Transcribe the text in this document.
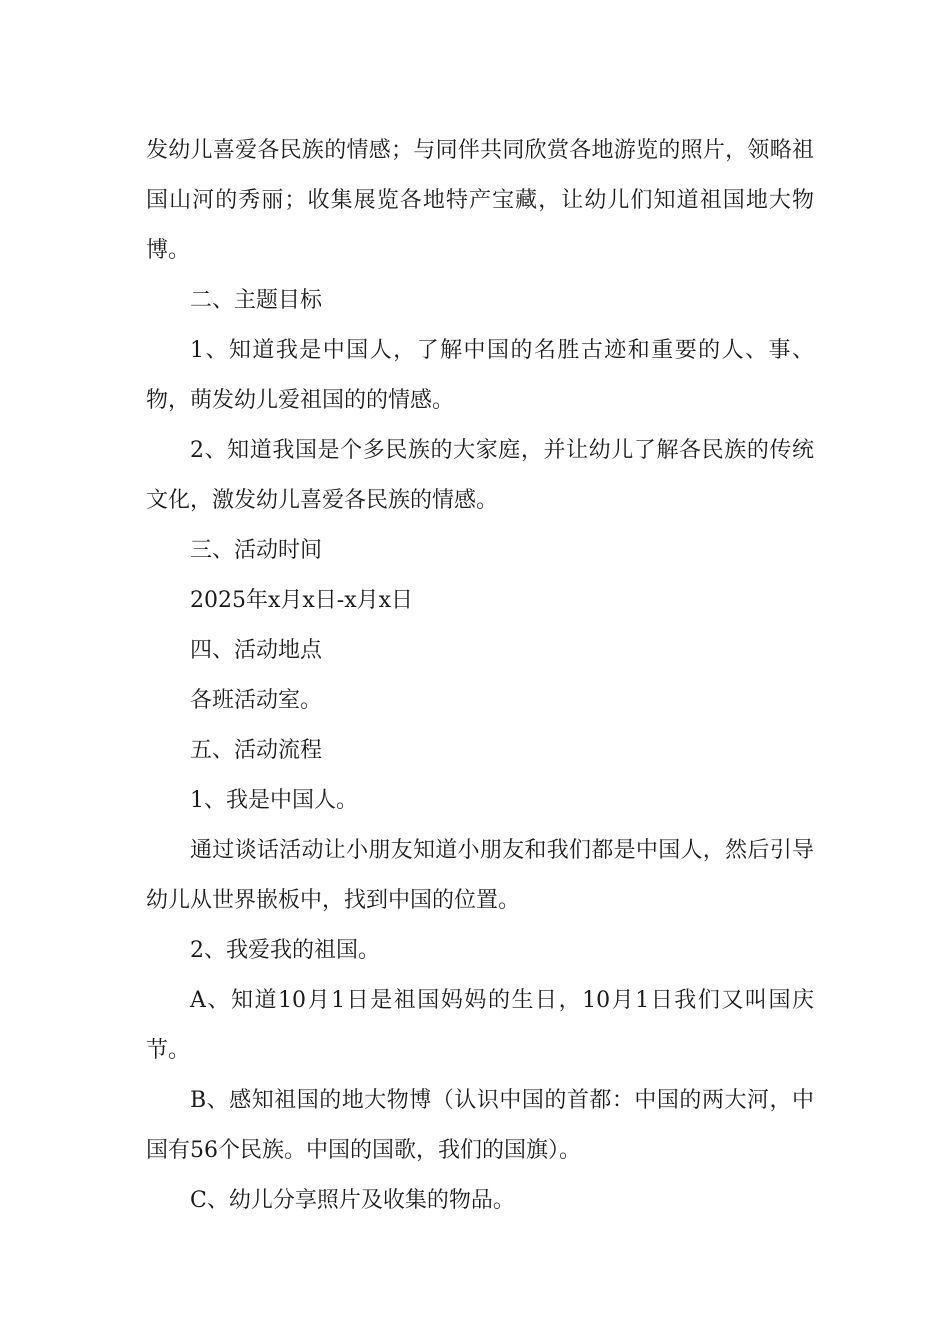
发幼儿喜爱各民族的情感；与同伴共同欣赏各地游览的照片，领略祖国山河的秀丽；收集展览各地特产宝藏，让幼儿们知道祖国地大物博。

二、主题目标

1、知道我是中国人，了解中国的名胜古迹和重要的人、事、物，萌发幼儿爱祖国的的情感。

2、知道我国是个多民族的大家庭，并让幼儿了解各民族的传统文化，激发幼儿喜爱各民族的情感。

三、活动时间

2025年x月x日-x月x日

四、活动地点

各班活动室。

五、活动流程

1、我是中国人。

通过谈话活动让小朋友知道小朋友和我们都是中国人，然后引导幼儿从世界嵌板中，找到中国的位置。

2、我爱我的祖国。

A、知道10月1日是祖国妈妈的生日，10月1日我们又叫国庆节。

B、感知祖国的地大物博（认识中国的首都：中国的两大河，中国有56个民族。中国的国歌，我们的国旗）。

C、幼儿分享照片及收集的物品。
